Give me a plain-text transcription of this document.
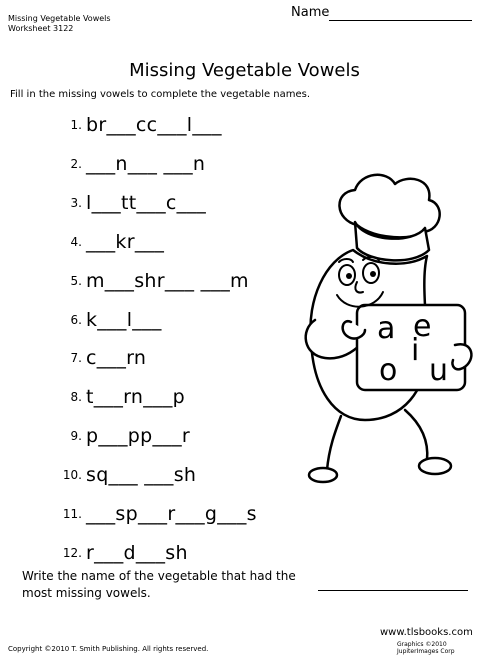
Name
Missing Vegetable Vowels
Worksheet 3122
Missing Vegetable Vowels
Fill in the missing vowels to complete the vegetable names.
1. br___cc___l___
2. ___n___ ___n
3. l___tt___c___
4. ___kr___
5. m___shr___ ___m
6. k___l___
7. c___rn
8. t___rn___p
9. p___pp___r
10. sq___ ___sh
11. ___sp___r___g___s
12. r___d___sh
a e
i
o u
Write the name of the vegetable that had the
most missing vowels.
www.tlsbooks.com
Graphics ©2010 JupiterImages Corp
Copyright ©2010 T. Smith Publishing. All rights reserved.
